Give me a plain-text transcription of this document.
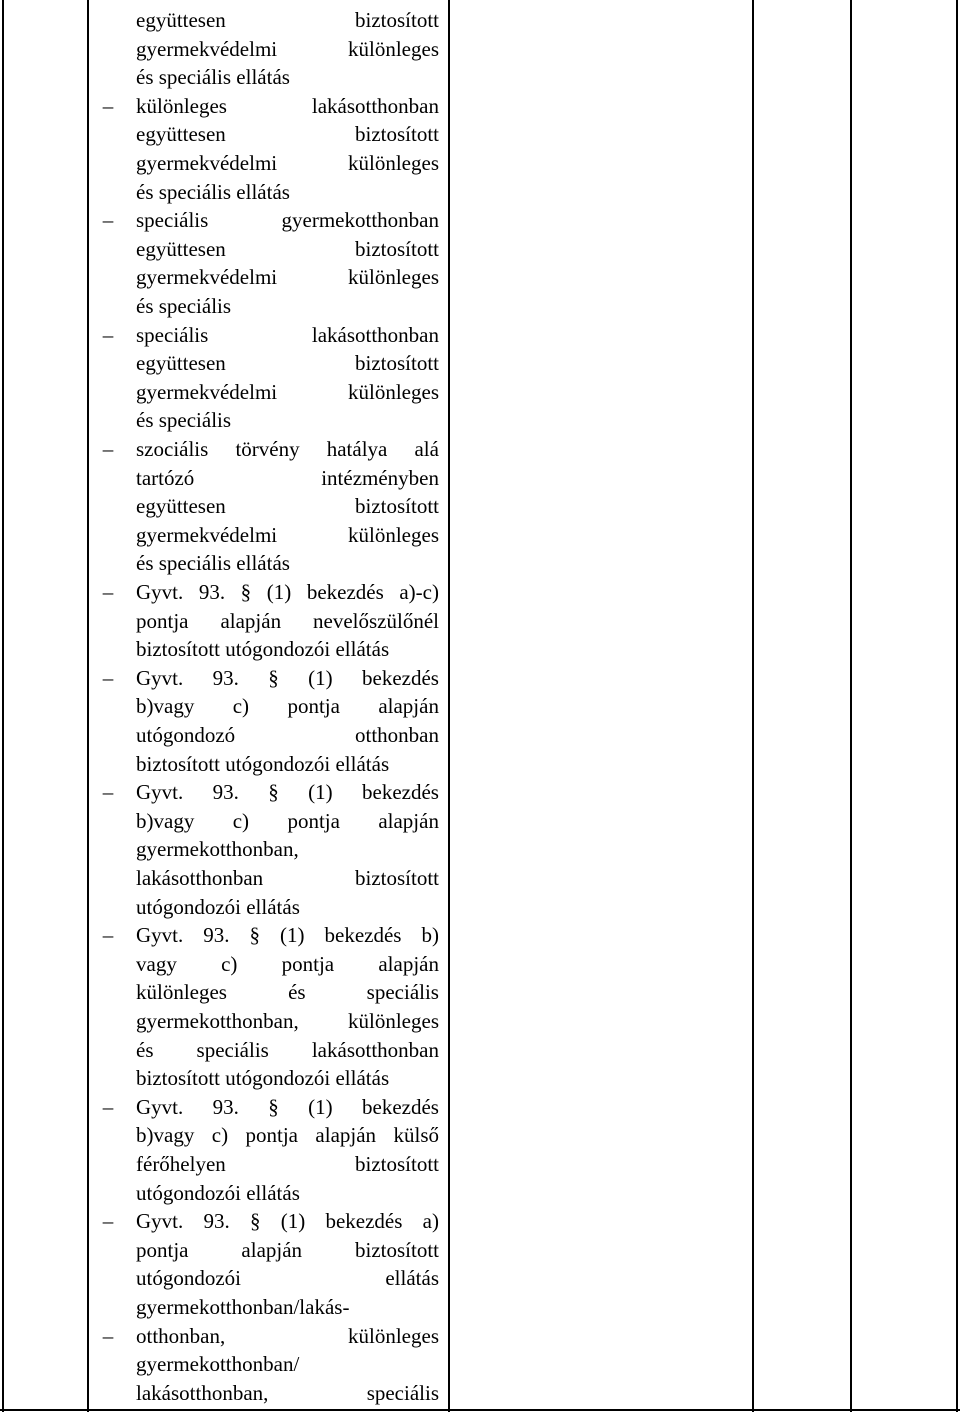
együttesen	biztosított
gyermekvédelmi	különleges
és speciális ellátás
–	különleges	lakásotthonban
együttesen	biztosított
gyermekvédelmi	különleges
és speciális ellátás
–	speciális	gyermekotthonban
együttesen	biztosított
gyermekvédelmi	különleges
és speciális
–	speciális	lakásotthonban
együttesen	biztosított
gyermekvédelmi	különleges
és speciális
–	szociális törvény hatálya alá
tartózó	intézményben
együttesen	biztosított
gyermekvédelmi	különleges
és speciális ellátás
–	Gyvt. 93. § (1) bekezdés a)-c)
pontja alapján nevelőszülőnél
biztosított utógondozói ellátás
–	Gyvt. 93. § (1) bekezdés
b)vagy c) pontja alapján
utógondozó	otthonban
biztosított utógondozói ellátás
–	Gyvt. 93. § (1) bekezdés
b)vagy c) pontja alapján
gyermekotthonban,
lakásotthonban	biztosított
utógondozói ellátás
–	Gyvt. 93. § (1) bekezdés b)
vagy c) pontja alapján
különleges	és	speciális
gyermekotthonban, különleges
és speciális lakásotthonban
biztosított utógondozói ellátás
–	Gyvt. 93. § (1) bekezdés
b)vagy c) pontja alapján külső
férőhelyen	biztosított
utógondozói ellátás
–	Gyvt. 93. § (1) bekezdés a)
pontja	alapján	biztosított
utógondozói	ellátás
gyermekotthonban/lakás-
–	otthonban,	különleges
gyermekotthonban/
lakásotthonban,	speciális
